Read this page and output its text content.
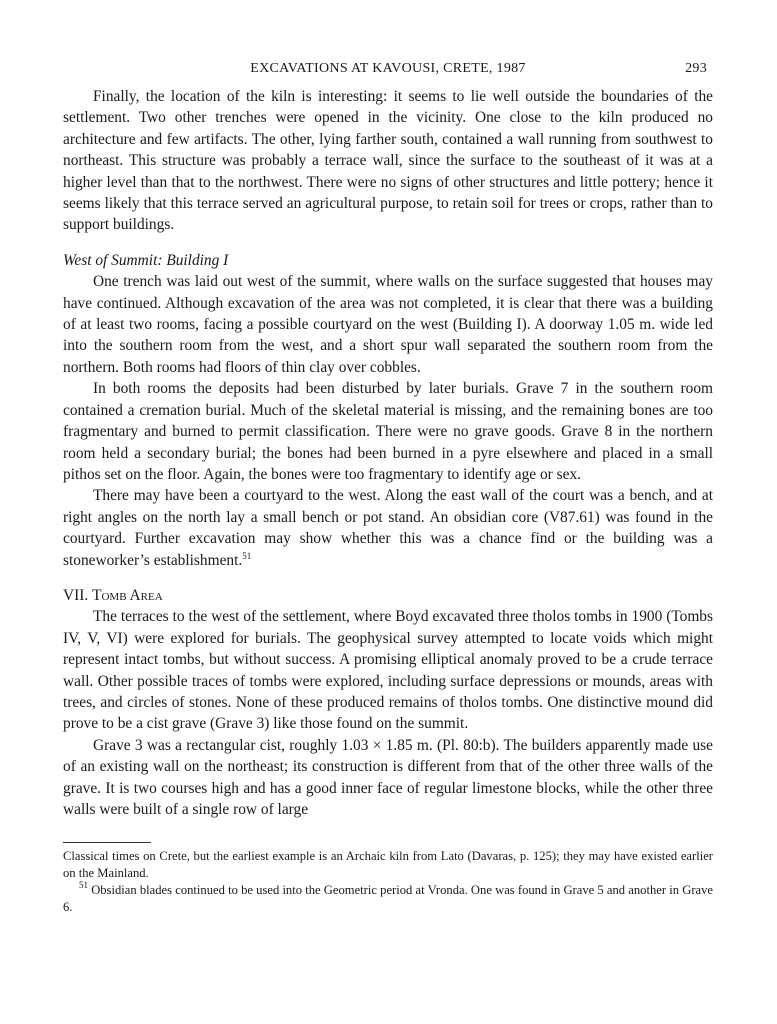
EXCAVATIONS AT KAVOUSI, CRETE, 1987	293

Finally, the location of the kiln is interesting: it seems to lie well outside the boundaries of the settlement. Two other trenches were opened in the vicinity. One close to the kiln produced no architecture and few artifacts. The other, lying farther south, contained a wall running from southwest to northeast. This structure was probably a terrace wall, since the surface to the southeast of it was at a higher level than that to the northwest. There were no signs of other structures and little pottery; hence it seems likely that this terrace served an agricultural purpose, to retain soil for trees or crops, rather than to support buildings.

West of Summit: Building I

One trench was laid out west of the summit, where walls on the surface suggested that houses may have continued. Although excavation of the area was not completed, it is clear that there was a building of at least two rooms, facing a possible courtyard on the west (Building I). A doorway 1.05 m. wide led into the southern room from the west, and a short spur wall separated the southern room from the northern. Both rooms had floors of thin clay over cobbles.

In both rooms the deposits had been disturbed by later burials. Grave 7 in the southern room contained a cremation burial. Much of the skeletal material is missing, and the remaining bones are too fragmentary and burned to permit classification. There were no grave goods. Grave 8 in the northern room held a secondary burial; the bones had been burned in a pyre elsewhere and placed in a small pithos set on the floor. Again, the bones were too fragmentary to identify age or sex.

There may have been a courtyard to the west. Along the east wall of the court was a bench, and at right angles on the north lay a small bench or pot stand. An obsidian core (V87.61) was found in the courtyard. Further excavation may show whether this was a chance find or the building was a stoneworker’s establishment.$^{51}$

VII. Tomb Area

The terraces to the west of the settlement, where Boyd excavated three tholos tombs in 1900 (Tombs IV, V, VI) were explored for burials. The geophysical survey attempted to locate voids which might represent intact tombs, but without success. A promising elliptical anomaly proved to be a crude terrace wall. Other possible traces of tombs were explored, including surface depressions or mounds, areas with trees, and circles of stones. None of these produced remains of tholos tombs. One distinctive mound did prove to be a cist grave (Grave 3) like those found on the summit.

Grave 3 was a rectangular cist, roughly 1.03 × 1.85 m. (Pl. 80:b). The builders apparently made use of an existing wall on the northeast; its construction is different from that of the other three walls of the grave. It is two courses high and has a good inner face of regular limestone blocks, while the other three walls were built of a single row of large

Classical times on Crete, but the earliest example is an Archaic kiln from Lato (Davaras, p. 125); they may have existed earlier on the Mainland.

$^{51}$ Obsidian blades continued to be used into the Geometric period at Vronda. One was found in Grave 5 and another in Grave 6.
